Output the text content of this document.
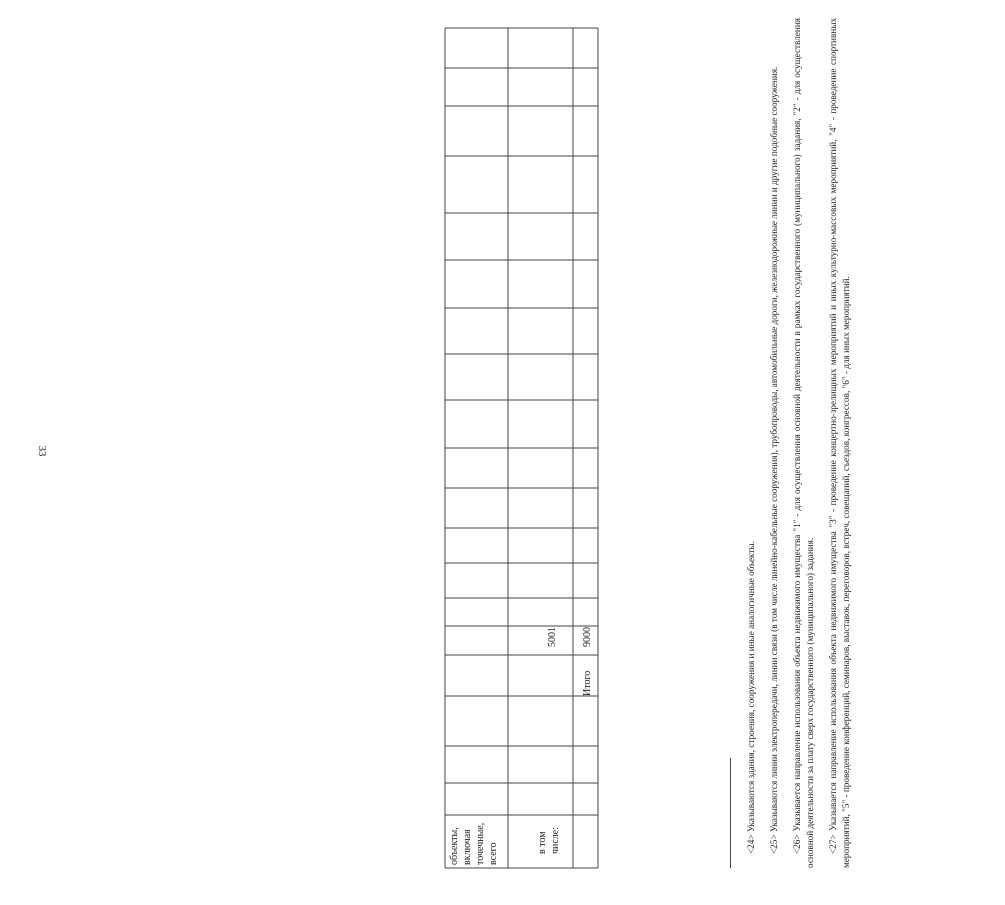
33
в том числе:
5001
Итого
9000
объекты, включая точечные, всего	<24> Указываются здания, строения, сооружения и иные аналогичные объекты. <25> Указываются линии электропередачи, линии связи (в том числе линейно-кабельные сооружения), трубопроводы, автомобильные дороги, железнодорожные линии и другие подобные сооружения. <26> Указывается направление использования объекта недвижимого имущества "1" - для осуществления основной деятельности в рамках государственного (муниципального) задания, "2" - для осуществления основной деятельности за плату сверх государственного (муниципального) задания. <27> Указывается направление использования объекта недвижимого имущества "3" - проведение концертно-зрелищных мероприятий и иных культурно-массовых мероприятий, "4" - проведение спортивных мероприятий, "5" - проведение конференций, семинаров, выставок, переговоров, встреч, совещаний, съездов, конгрессов, "6" - для иных мероприятий.
